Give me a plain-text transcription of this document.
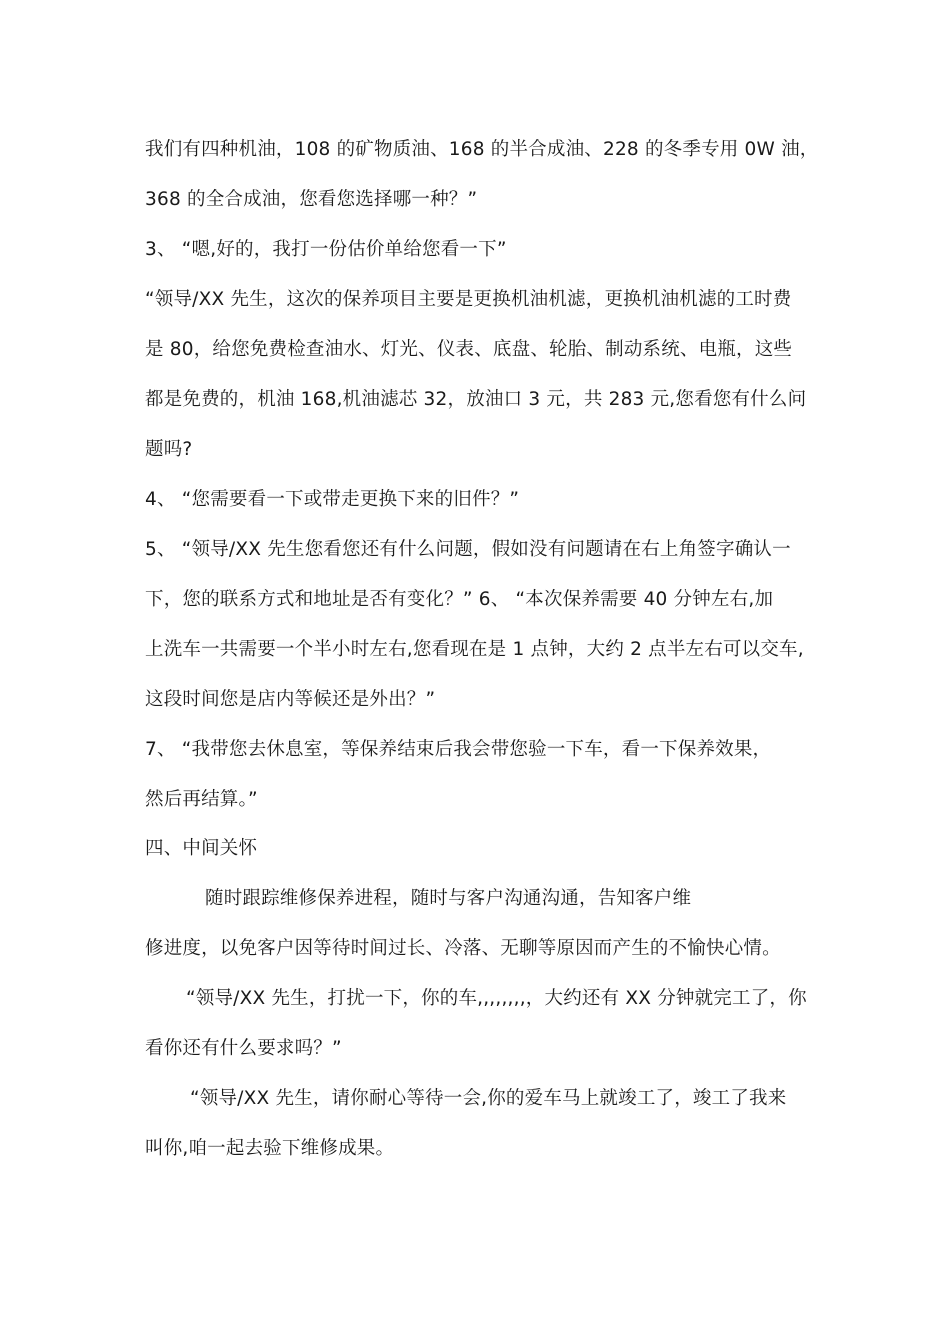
我们有四种机油，108 的矿物质油、168 的半合成油、228 的冬季专用 0W 油，
368 的全合成油，您看您选择哪一种？”
3、 “嗯,好的，我打一份估价单给您看一下”
“领导/XX 先生，这次的保养项目主要是更换机油机滤，更换机油机滤的工时费
是 80，给您免费检查油水、灯光、仪表、底盘、轮胎、制动系统、电瓶，这些
都是免费的，机油 168,机油滤芯 32，放油口 3 元，共 283 元,您看您有什么问
题吗?
4、 “您需要看一下或带走更换下来的旧件？”
5、 “领导/XX 先生您看您还有什么问题，假如没有问题请在右上角签字确认一
下，您的联系方式和地址是否有变化？” 6、 “本次保养需要 40 分钟左右,加
上洗车一共需要一个半小时左右,您看现在是 1 点钟，大约 2 点半左右可以交车,
这段时间您是店内等候还是外出？”
7、 “我带您去休息室，等保养结束后我会带您验一下车，看一下保养效果，
然后再结算。”
四、中间关怀
随时跟踪维修保养进程，随时与客户沟通沟通，告知客户维
修进度，以免客户因等待时间过长、冷落、无聊等原因而产生的不愉快心情。
“领导/XX 先生，打扰一下，你的车,,,,,,,,，大约还有 XX 分钟就完工了，你
看你还有什么要求吗？”
“领导/XX 先生，请你耐心等待一会,你的爱车马上就竣工了，竣工了我来
叫你,咱一起去验下维修成果。
